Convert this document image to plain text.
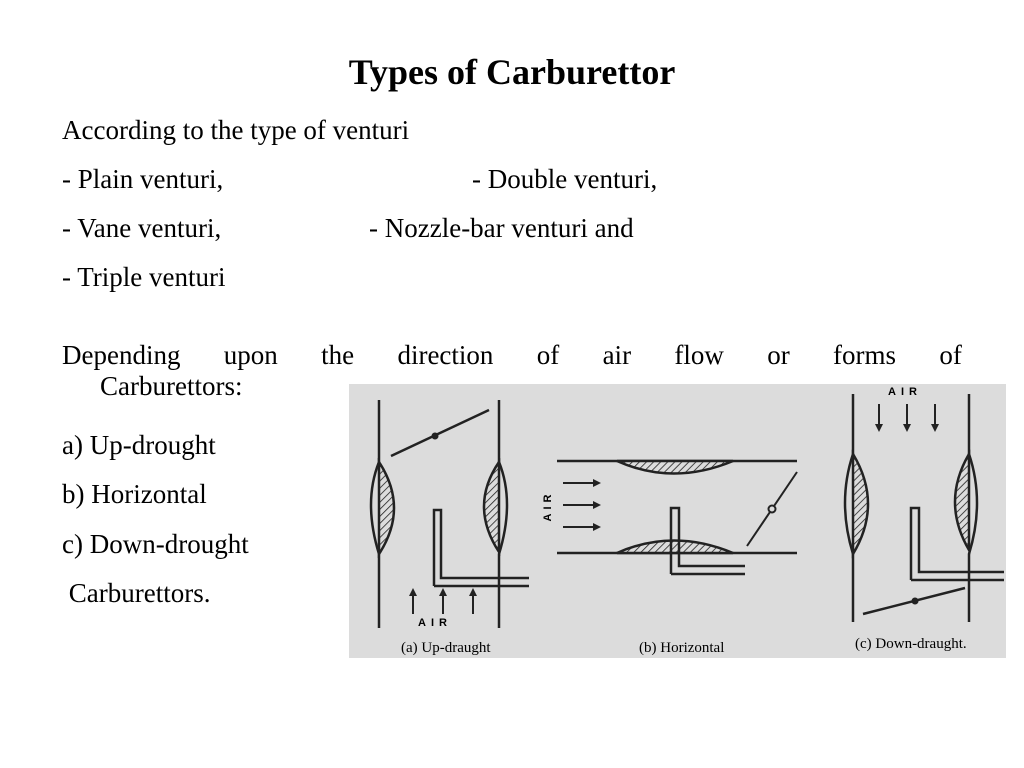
Types of Carburettor
According to the type of venturi
- Plain venturi,	- Double venturi,
- Vane venturi,	- Nozzle-bar venturi and
- Triple venturi
Depending upon the direction of air flow or forms of
Carburettors:
a) Up-drought
b) Horizontal
c) Down-drought
Carburettors.
AIR
(a) Up-draught
AIR
(b) Horizontal
AIR
(c) Down-draught.
